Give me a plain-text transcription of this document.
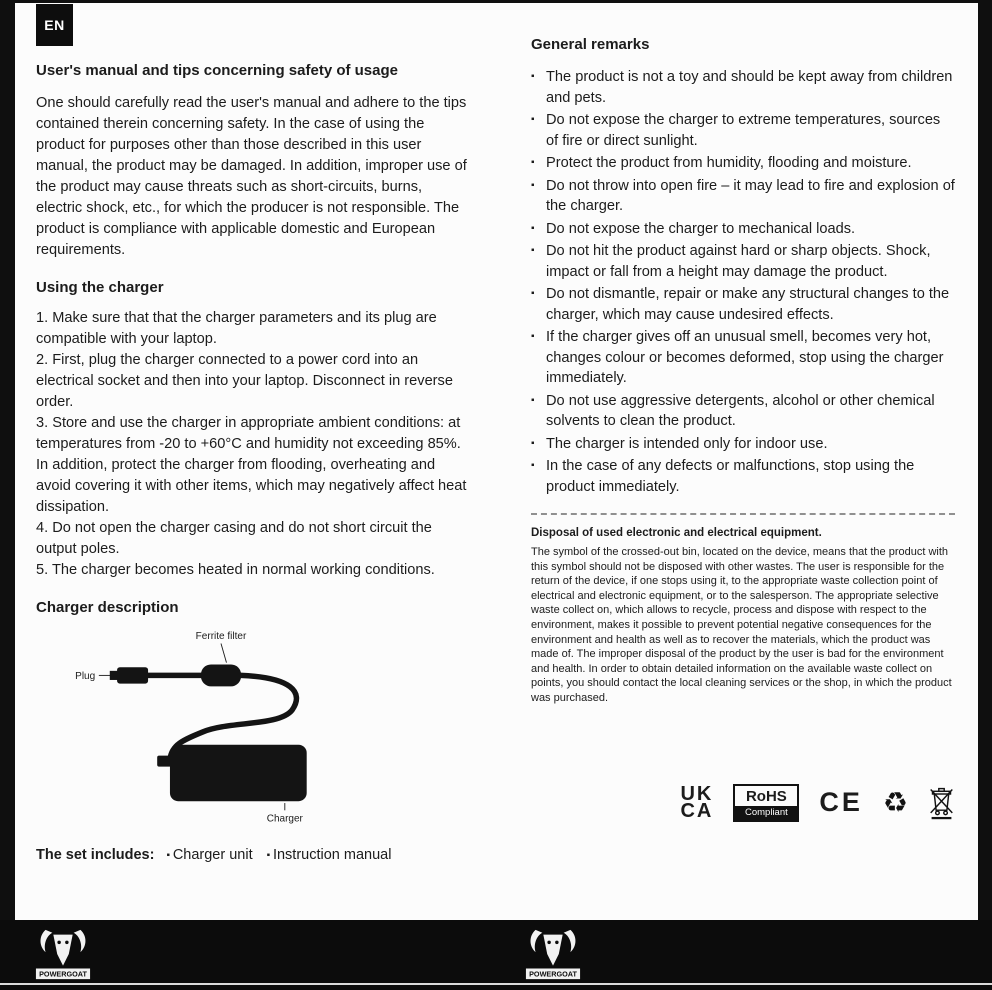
EN
User's manual and tips concerning safety of usage

One should carefully read the user's manual and adhere to the tips contained therein concerning safety. In the case of using the product for purposes other than those described in this user manual, the product may be damaged. In addition, improper use of the product may cause threats such as short-circuits, burns, electric shock, etc., for which the producer is not responsible. The product is compliance with applicable domestic and European requirements.

Using the charger

1. Make sure that that the charger parameters and its plug are compatible with your laptop.

2. First, plug the charger connected to a power cord into an electrical socket and then into your laptop. Disconnect in reverse order.

3. Store and use the charger in appropriate ambient conditions: at temperatures from -20 to +60°C and humidity not exceeding 85%. In addition, protect the charger from flooding, overheating and avoid covering it with other items, which may negatively affect heat dissipation.

4. Do not open the charger casing and do not short circuit the output poles.

5. The charger becomes heated in normal working conditions.

Charger description
Ferrite filter
Plug
Charger

The set includes: ▪ Charger unit ▪ Instruction manual

General remarks
▪ The product is not a toy and should be kept away from children and pets.
▪ Do not expose the charger to extreme temperatures, sources of fire or direct sunlight.
▪ Protect the product from humidity, flooding and moisture.
▪ Do not throw into open fire – it may lead to fire and explosion of the charger.
▪ Do not expose the charger to mechanical loads.
▪ Do not hit the product against hard or sharp objects. Shock, impact or fall from a height may damage the product.
▪ Do not dismantle, repair or make any structural changes to the charger, which may cause undesired effects.
▪ If the charger gives off an unusual smell, becomes very hot, changes colour or becomes deformed, stop using the charger immediately.
▪ Do not use aggressive detergents, alcohol or other chemical solvents to clean the product.
▪ The charger is intended only for indoor use.
▪ In the case of any defects or malfunctions, stop using the product immediately.
Disposal of used electronic and electrical equipment.

The symbol of the crossed-out bin, located on the device, means that the product with this symbol should not be disposed with other wastes. The user is responsible for the return of the device, if one stops using it, to the appropriate waste collection point of electrical and electronic equipment, or to the salesperson. The appropriate selective waste collect on, which allows to recycle, process and dispose with respect to the environment, makes it possible to prevent potential negative consequences for the environment and health as well as to recover the materials, which the product was made of. The improper disposal of the product by the user is bad for the environment and health. In order to obtain detailed information on the available waste collect on points, you should contact the local cleaning services or the shop, in which the product was purchased.

UK
CA
RoHS
Compliant	CE ♻
POWERGOAT	POWERGOAT
